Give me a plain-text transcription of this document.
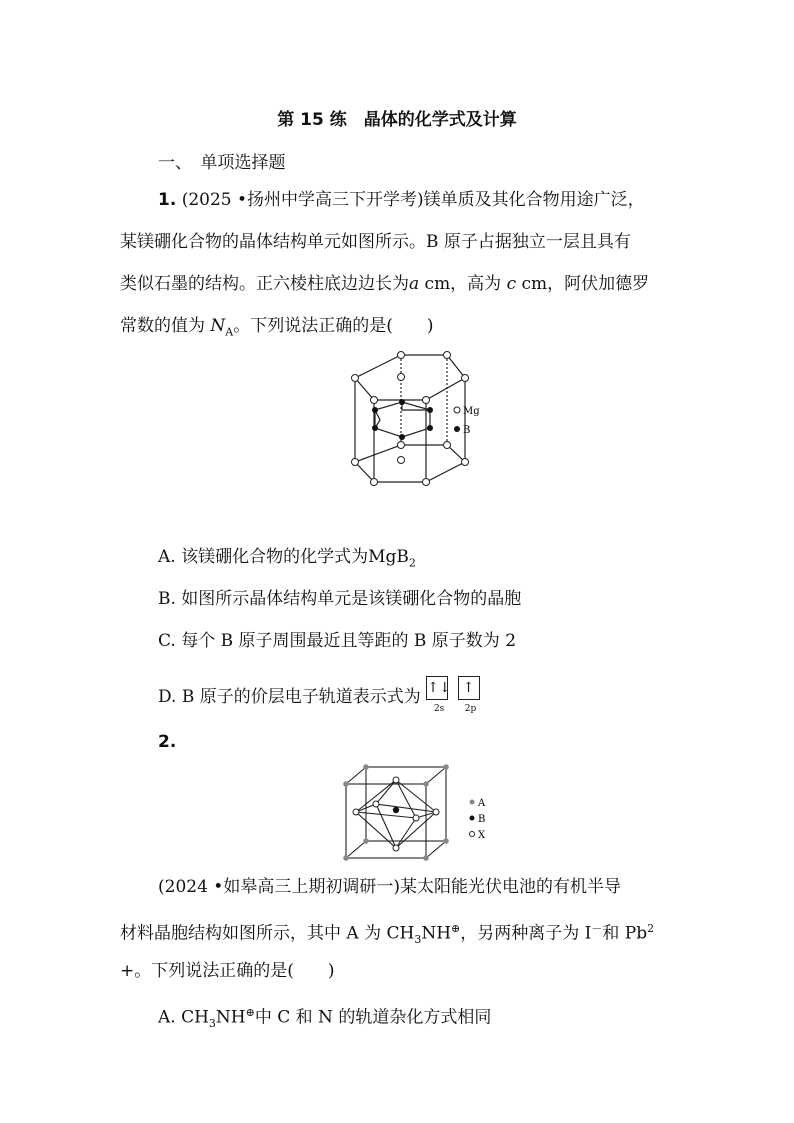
第 15 练　晶体的化学式及计算
一、　单项选择题
1. (2025 •扬州中学高三下开学考)镁单质及其化合物用途广泛，
某镁硼化合物的晶体结构单元如图所示。B 原子占据独立一层且具有
类似石墨的结构。正六棱柱底边边长为a cm，高为 c cm，阿伏加德罗
常数的值为 $N_A$。下列说法正确的是(　　)
Mg
B
A. 该镁硼化合物的化学式为MgB$_2$
B. 如图所示晶体结构单元是该镁硼化合物的晶胞
C. 每个 B 原子周围最近且等距的 B 原子数为 2
D. B 原子的价层电子轨道表示式为 ↑↓
2s
↑
2p
2.
A
B
X
(2024 •如皋高三上期初调研一)某太阳能光伏电池的有机半导
材料晶胞结构如图所示，其中 A 为 $CH_3NH^\oplus$，另两种离子为 I－和 $Pb^2$
+。下列说法正确的是(　　)
A. $CH_3NH^\oplus$中 C 和 N 的轨道杂化方式相同
